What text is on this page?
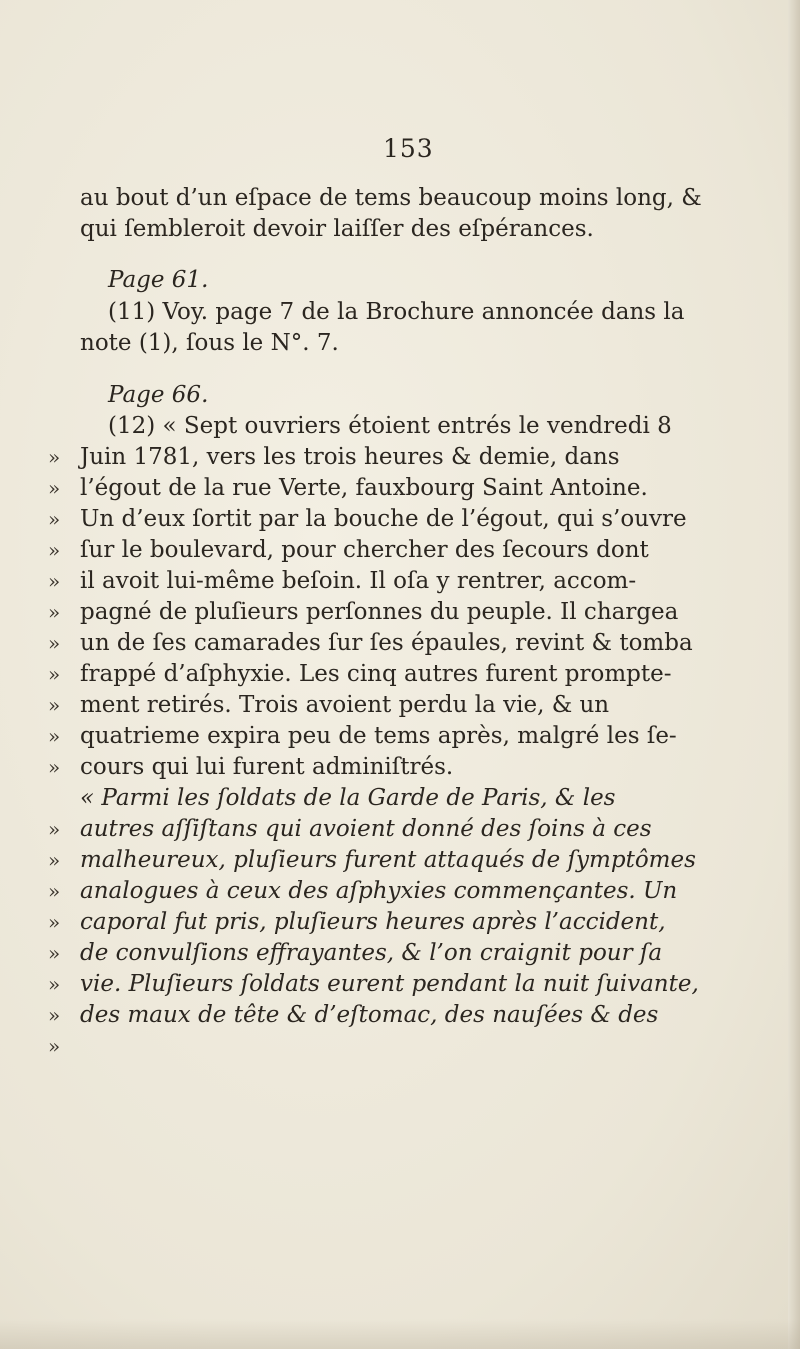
153
au bout d’un eſpace de tems beaucoup moins long, &
qui ſembleroit devoir laiſſer des eſpérances.
Page 61.
(11) Voy. page 7 de la Brochure annoncée dans la
note (1), ſous le N°. 7.
Page 66.
(12) « Sept ouvriers étoient entrés le vendredi 8
» Juin 1781, vers les trois heures & demie, dans
» l’égout de la rue Verte, fauxbourg Saint Antoine.
» Un d’eux ſortit par la bouche de l’égout, qui s’ouvre
» ſur le boulevard, pour chercher des ſecours dont
» il avoit lui-même beſoin. Il oſa y rentrer, accom-
» pagné de pluſieurs perſonnes du peuple. Il chargea
» un de ſes camarades ſur ſes épaules, revint & tomba
» frappé d’aſphyxie. Les cinq autres furent prompte-
» ment retirés. Trois avoient perdu la vie, & un
» quatrieme expira peu de tems après, malgré les ſe-
» cours qui lui furent adminiſtrés.
« Parmi les ſoldats de la Garde de Paris, & les
» autres aſſiſtans qui avoient donné des ſoins à ces
» malheureux, pluſieurs furent attaqués de ſymptômes
» analogues à ceux des aſphyxies commençantes. Un
» caporal fut pris, pluſieurs heures après l’accident,
» de convulſions effrayantes, & l’on craignit pour ſa
» vie. Pluſieurs ſoldats eurent pendant la nuit ſuivante,
» des maux de tête & d’eſtomac, des nauſées & des
»
